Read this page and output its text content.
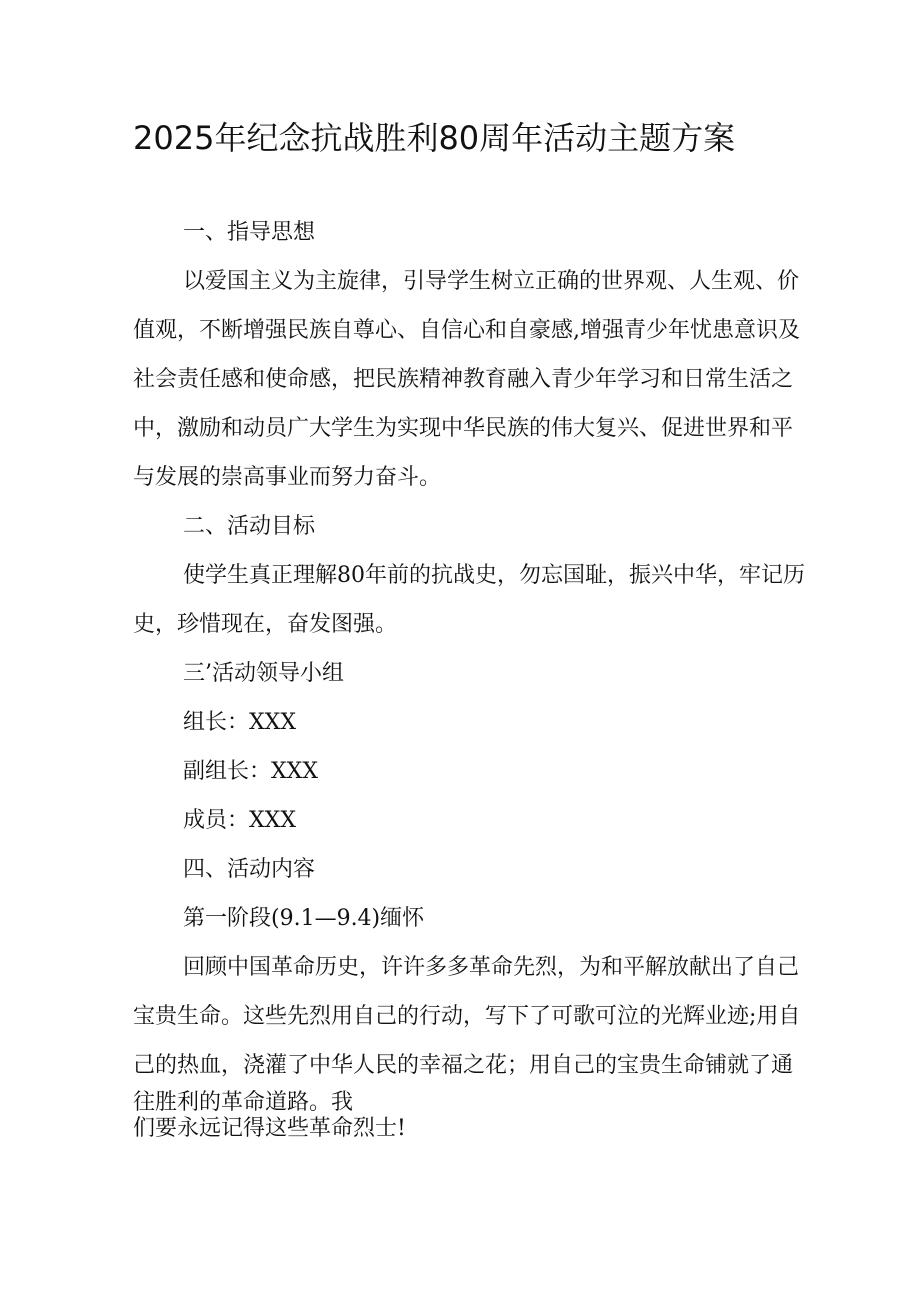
2025年纪念抗战胜利80周年活动主题方案
一、指导思想
以爱国主义为主旋律，引导学生树立正确的世界观、人生观、价
值观，不断增强民族自尊心、自信心和自豪感,增强青少年忧患意识及
社会责任感和使命感，把民族精神教育融入青少年学习和日常生活之
中，激励和动员广大学生为实现中华民族的伟大复兴、促进世界和平
与发展的崇高事业而努力奋斗。
二、活动目标
使学生真正理解80年前的抗战史，勿忘国耻，振兴中华，牢记历
史，珍惜现在，奋发图强。
三’活动领导小组
组长：XXX
副组长：XXX
成员：XXX
四、活动内容
第一阶段(9.1—9.4)缅怀
回顾中国革命历史，许许多多革命先烈，为和平解放献出了自己
宝贵生命。这些先烈用自己的行动，写下了可歌可泣的光辉业迹;用自
己的热血，浇灌了中华人民的幸福之花；用自己的宝贵生命铺就了通
往胜利的革命道路。我
们要永远记得这些革命烈士!
